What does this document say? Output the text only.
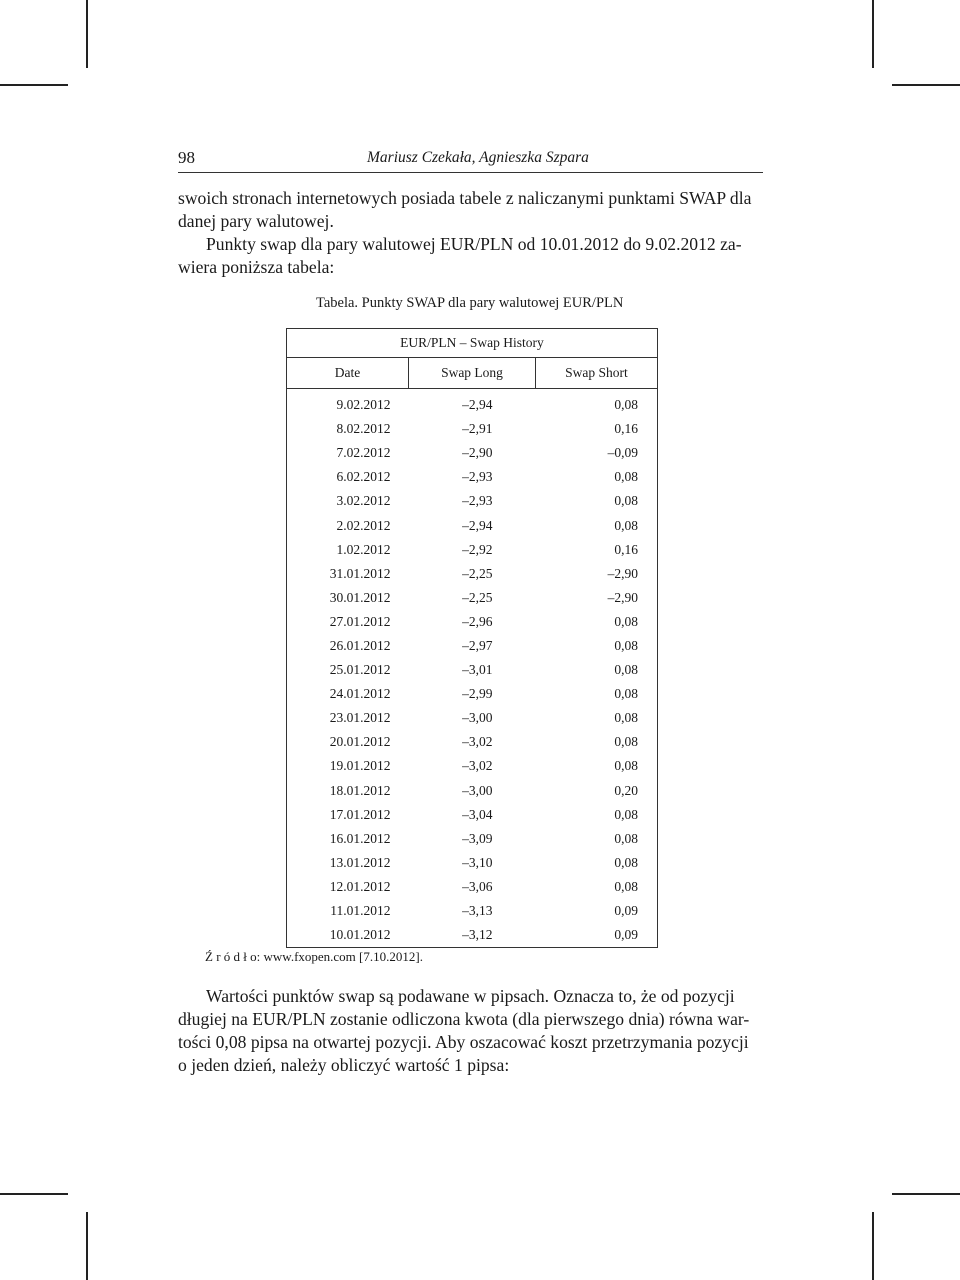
98	Mariusz Czekała, Agnieszka Szpara
swoich stronach internetowych posiada tabele z naliczanymi punktami SWAP dla
danej pary walutowej.
Punkty swap dla pary walutowej EUR/PLN od 10.01.2012 do 9.02.2012 za-
wiera poniższa tabela:
Tabela. Punkty SWAP dla pary walutowej EUR/PLN
EUR/PLN – Swap History		
Date	Swap Long	Swap Short
9.02.2012	–2,94	0,08
8.02.2012	–2,91	0,16
7.02.2012	–2,90	–0,09
6.02.2012	–2,93	0,08
3.02.2012	–2,93	0,08
2.02.2012	–2,94	0,08
1.02.2012	–2,92	0,16
31.01.2012	–2,25	–2,90
30.01.2012	–2,25	–2,90
27.01.2012	–2,96	0,08
26.01.2012	–2,97	0,08
25.01.2012	–3,01	0,08
24.01.2012	–2,99	0,08
23.01.2012	–3,00	0,08
20.01.2012	–3,02	0,08
19.01.2012	–3,02	0,08
18.01.2012	–3,00	0,20
17.01.2012	–3,04	0,08
16.01.2012	–3,09	0,08
13.01.2012	–3,10	0,08
12.01.2012	–3,06	0,08
11.01.2012	–3,13	0,09
10.01.2012	–3,12	0,09
Ź r ó d ł o: www.fxopen.com [7.10.2012].
Wartości punktów swap są podawane w pipsach. Oznacza to, że od pozycji
długiej na EUR/PLN zostanie odliczona kwota (dla pierwszego dnia) równa war-
tości 0,08 pipsa na otwartej pozycji. Aby oszacować koszt przetrzymania pozycji
o jeden dzień, należy obliczyć wartość 1 pipsa:
